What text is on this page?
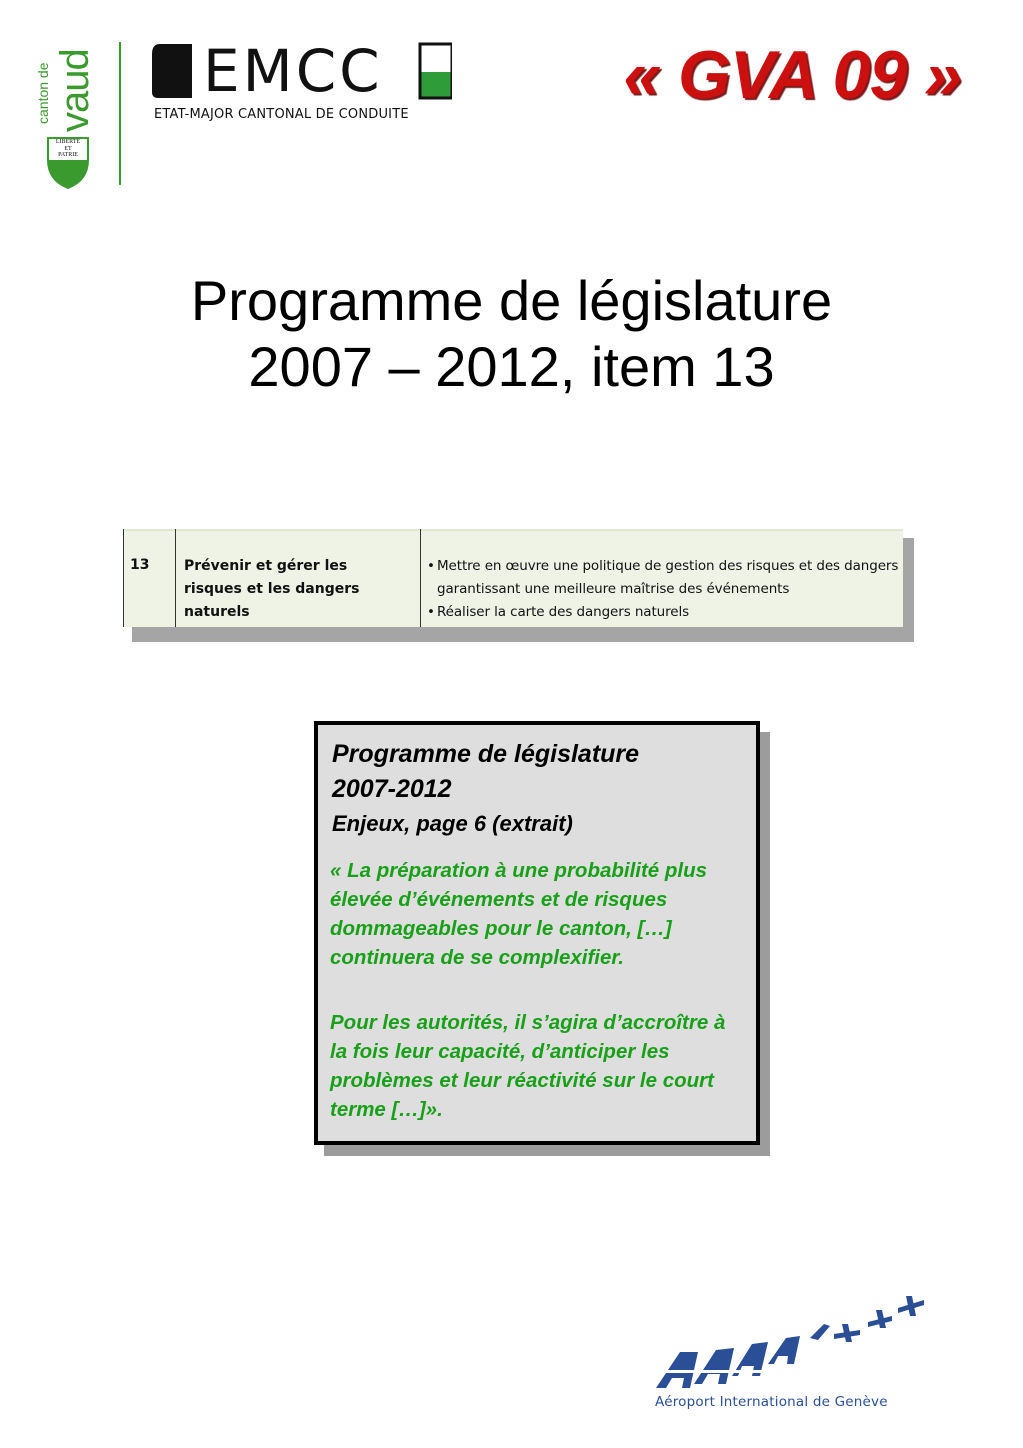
canton de vaud
LIBERTE
ET
PATRIE
EMCC
ETAT-MAJOR CANTONAL DE CONDUITE
« GVA 09 »
Programme de législature
2007 – 2012, item 13
13 Prévenir et gérer les risques et les dangers naturels
• Mettre en œuvre une politique de gestion des risques et des dangers garantissant une meilleure maîtrise des événements
• Réaliser la carte des dangers naturels
Programme de législature
2007-2012
Enjeux, page 6 (extrait)
« La préparation à une probabilité plus élevée d’événements et de risques dommageables pour le canton, […] continuera de se complexifier.
Pour les autorités, il s’agira d’accroître à la fois leur capacité, d’anticiper les problèmes et leur réactivité sur le court terme […]».
Aéroport International de Genève
